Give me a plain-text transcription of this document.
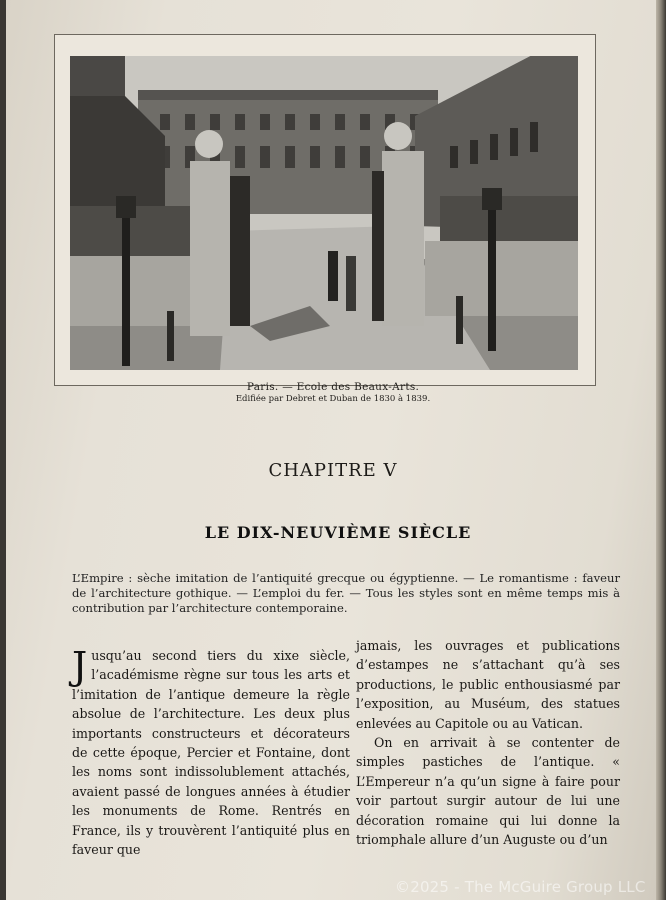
Paris. — Ecole des Beaux-Arts.
Edifiée par Debret et Duban de 1830 à 1839.
CHAPITRE V
LE DIX-NEUVIÈME SIÈCLE

L’Empire : sèche imitation de l’antiquité grecque ou égyptienne. — Le romantisme : faveur de l’architecture gothique. — L’emploi du fer. — Tous les styles sont en même temps mis à contribution par l’architecture contemporaine.

Jusqu’au second tiers du xixe siècle, l’académisme règne sur tous les arts et l’imitation de l’antique demeure la règle absolue de l’architecture. Les deux plus importants constructeurs et décorateurs de cette époque, Percier et Fontaine, dont les noms sont indissolublement attachés, avaient passé de longues années à étudier les monuments de Rome. Rentrés en France, ils y trouvèrent l’antiquité plus en faveur que

jamais, les ouvrages et publications d’estampes ne s’attachant qu’à ses productions, le public enthousiasmé par l’exposition, au Muséum, des statues enlevées au Capitole ou au Vatican.

On en arrivait à se contenter de simples pastiches de l’antique. « L’Empereur n’a qu’un signe à faire pour voir partout surgir autour de lui une décoration romaine qui lui donne la triomphale allure d’un Auguste ou d’un

©2025 - The McGuire Group LLC
